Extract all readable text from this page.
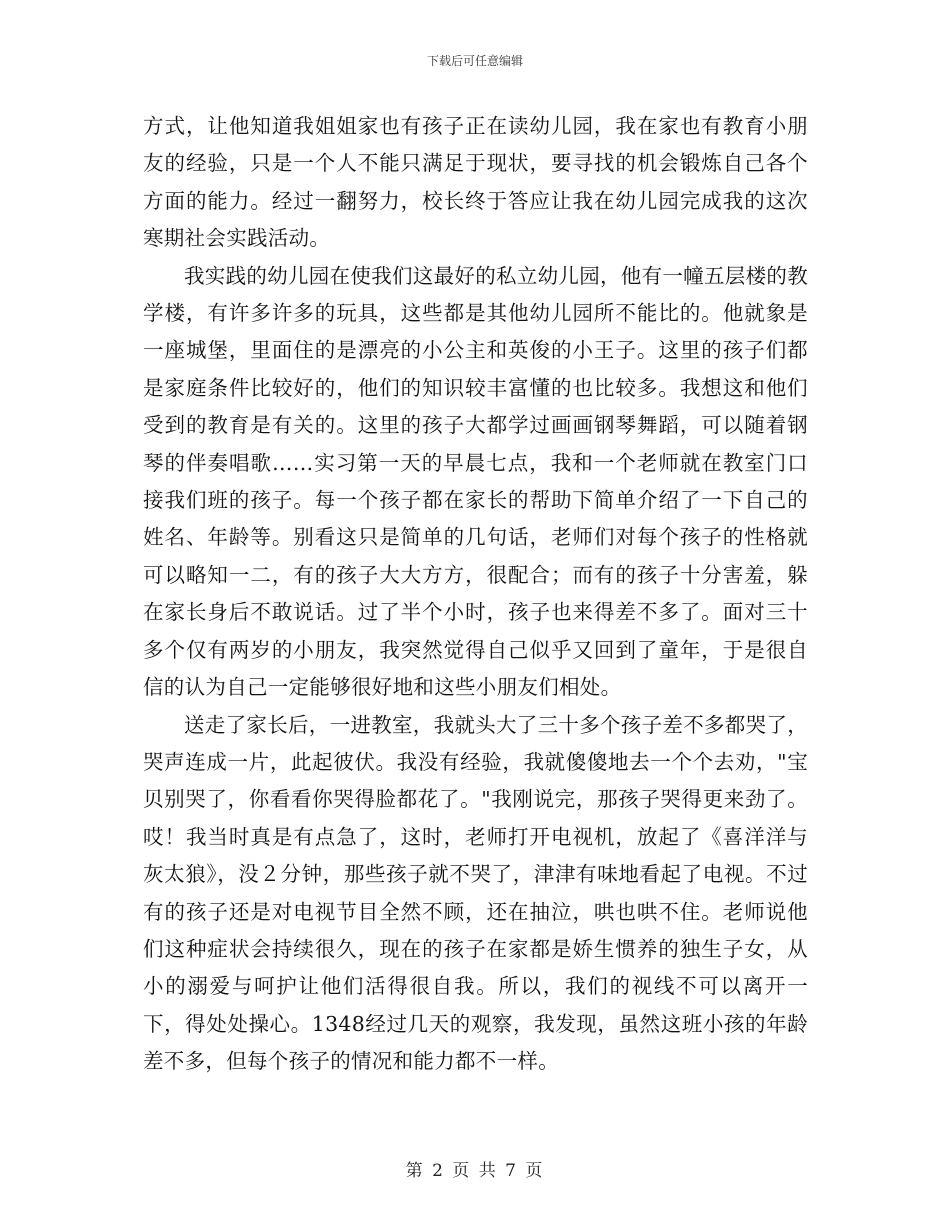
下载后可任意编辑

方式，让他知道我姐姐家也有孩子正在读幼儿园，我在家也有教育小朋友的经验，只是一个人不能只满足于现状，要寻找的机会锻炼自己各个方面的能力。经过一翻努力，校长终于答应让我在幼儿园完成我的这次寒期社会实践活动。

我实践的幼儿园在使我们这最好的私立幼儿园，他有一幢五层楼的教学楼，有许多许多的玩具，这些都是其他幼儿园所不能比的。他就象是一座城堡，里面住的是漂亮的小公主和英俊的小王子。这里的孩子们都是家庭条件比较好的，他们的知识较丰富懂的也比较多。我想这和他们受到的教育是有关的。这里的孩子大都学过画画钢琴舞蹈，可以随着钢琴的伴奏唱歌……实习第一天的早晨七点，我和一个老师就在教室门口接我们班的孩子。每一个孩子都在家长的帮助下简单介绍了一下自己的姓名、年龄等。别看这只是简单的几句话，老师们对每个孩子的性格就可以略知一二，有的孩子大大方方，很配合；而有的孩子十分害羞，躲在家长身后不敢说话。过了半个小时，孩子也来得差不多了。面对三十多个仅有两岁的小朋友，我突然觉得自己似乎又回到了童年，于是很自信的认为自己一定能够很好地和这些小朋友们相处。

送走了家长后，一进教室，我就头大了三十多个孩子差不多都哭了，哭声连成一片，此起彼伏。我没有经验，我就傻傻地去一个个去劝，"宝贝别哭了，你看看你哭得脸都花了。"我刚说完，那孩子哭得更来劲了。哎！我当时真是有点急了，这时，老师打开电视机，放起了《喜洋洋与灰太狼》，没２分钟，那些孩子就不哭了，津津有味地看起了电视。不过有的孩子还是对电视节目全然不顾，还在抽泣，哄也哄不住。老师说他们这种症状会持续很久，现在的孩子在家都是娇生惯养的独生子女，从小的溺爱与呵护让他们活得很自我。所以，我们的视线不可以离开一下，得处处操心。1348经过几天的观察，我发现，虽然这班小孩的年龄差不多，但每个孩子的情况和能力都不一样。

第 2 页 共 7 页
